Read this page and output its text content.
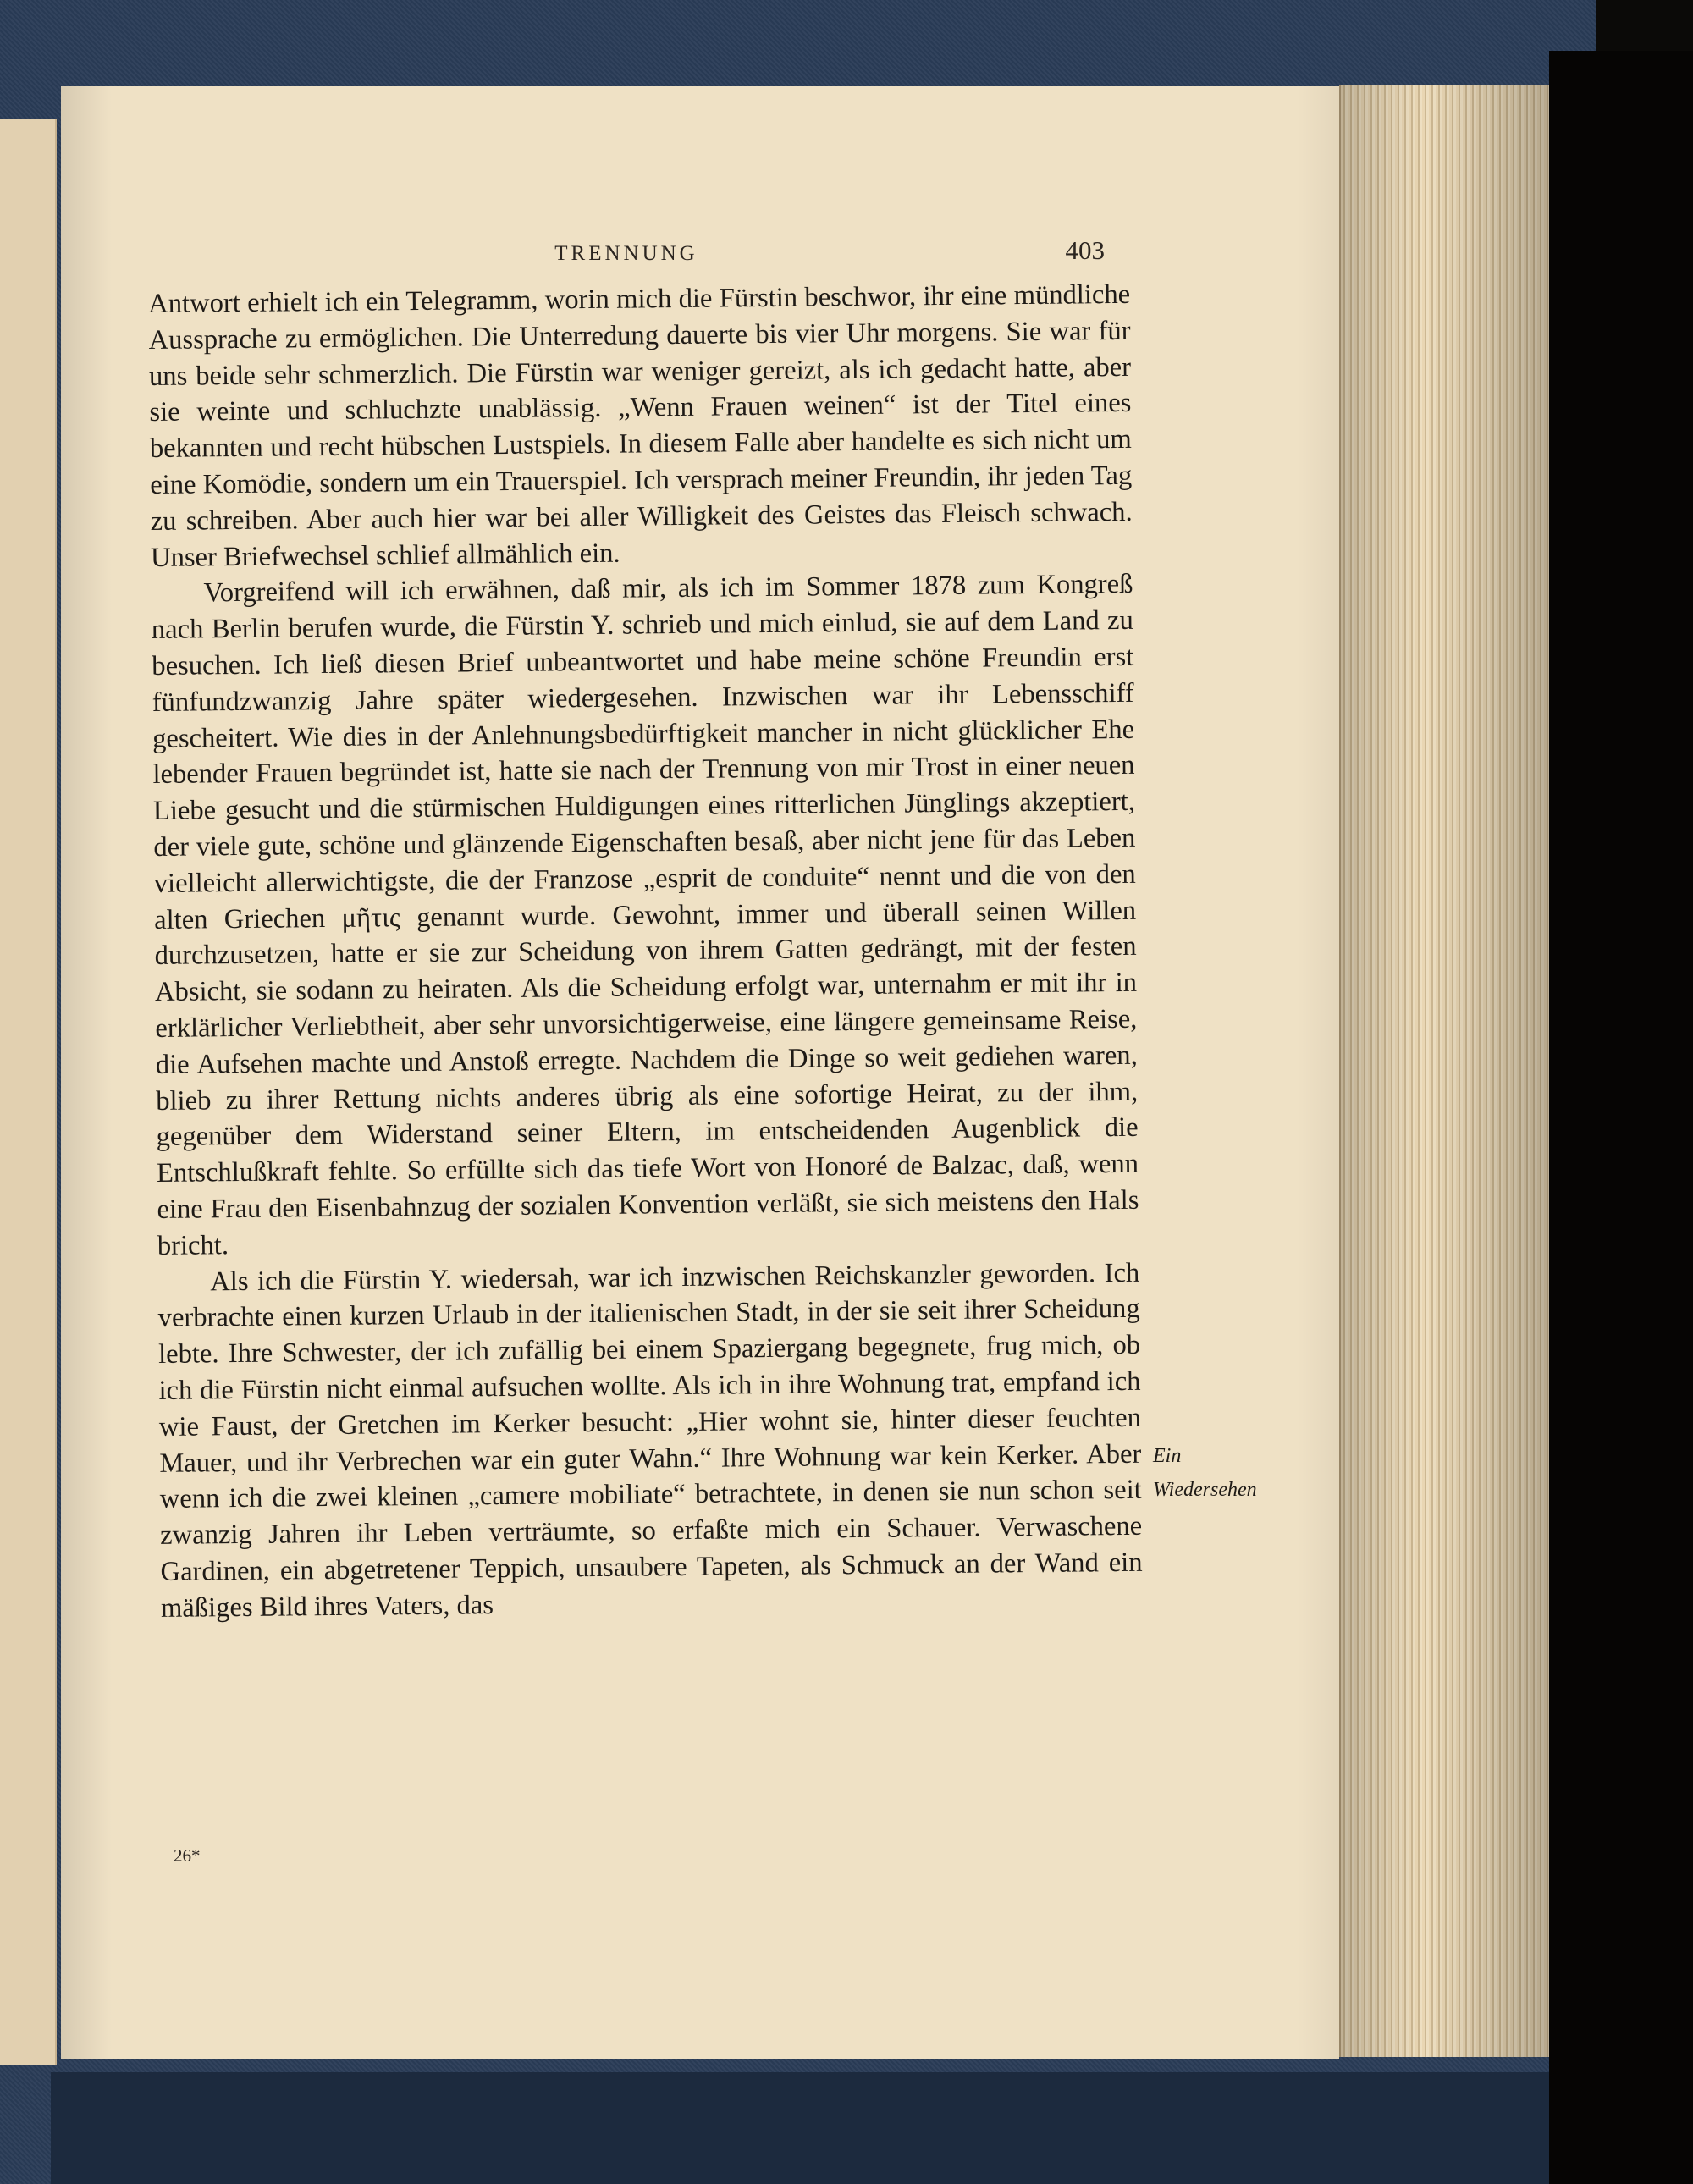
TRENNUNG	403

Antwort erhielt ich ein Telegramm, worin mich die Fürstin beschwor, ihr eine mündliche Aussprache zu ermöglichen. Die Unterredung dauerte bis vier Uhr morgens. Sie war für uns beide sehr schmerzlich. Die Fürstin war weniger gereizt, als ich gedacht hatte, aber sie weinte und schluchzte unablässig. „Wenn Frauen weinen“ ist der Titel eines bekannten und recht hübschen Lustspiels. In diesem Falle aber handelte es sich nicht um eine Komödie, sondern um ein Trauerspiel. Ich versprach meiner Freundin, ihr jeden Tag zu schreiben. Aber auch hier war bei aller Willigkeit des Geistes das Fleisch schwach. Unser Briefwechsel schlief allmählich ein.

Vorgreifend will ich erwähnen, daß mir, als ich im Sommer 1878 zum Kongreß nach Berlin berufen wurde, die Fürstin Y. schrieb und mich einlud, sie auf dem Land zu besuchen. Ich ließ diesen Brief unbeantwortet und habe meine schöne Freundin erst fünfundzwanzig Jahre später wiedergesehen. Inzwischen war ihr Lebensschiff gescheitert. Wie dies in der Anlehnungsbedürftigkeit mancher in nicht glücklicher Ehe lebender Frauen begründet ist, hatte sie nach der Trennung von mir Trost in einer neuen Liebe gesucht und die stürmischen Huldigungen eines ritterlichen Jünglings akzeptiert, der viele gute, schöne und glänzende Eigenschaften besaß, aber nicht jene für das Leben vielleicht allerwichtigste, die der Franzose „esprit de conduite“ nennt und die von den alten Griechen μῆτις genannt wurde. Gewohnt, immer und überall seinen Willen durchzusetzen, hatte er sie zur Scheidung von ihrem Gatten gedrängt, mit der festen Absicht, sie sodann zu heiraten. Als die Scheidung erfolgt war, unternahm er mit ihr in erklärlicher Verliebtheit, aber sehr unvorsichtigerweise, eine längere gemeinsame Reise, die Aufsehen machte und Anstoß erregte. Nachdem die Dinge so weit gediehen waren, blieb zu ihrer Rettung nichts anderes übrig als eine sofortige Heirat, zu der ihm, gegenüber dem Widerstand seiner Eltern, im entscheidenden Augenblick die Entschlußkraft fehlte. So erfüllte sich das tiefe Wort von Honoré de Balzac, daß, wenn eine Frau den Eisenbahnzug der sozialen Konvention verläßt, sie sich meistens den Hals bricht.

Als ich die Fürstin Y. wiedersah, war ich inzwischen Reichskanzler geworden. Ich verbrachte einen kurzen Urlaub in der italienischen Stadt, in der sie seit ihrer Scheidung lebte. Ihre Schwester, der ich zufällig bei einem Spaziergang begegnete, frug mich, ob ich die Fürstin nicht einmal aufsuchen wollte. Als ich in ihre Wohnung trat, empfand ich wie Faust, der Gretchen im Kerker besucht: „Hier wohnt sie, hinter dieser feuchten Mauer, und ihr Verbrechen war ein guter Wahn.“ Ihre Wohnung war kein Kerker. Aber wenn ich die zwei kleinen „camere mobiliate“ betrachtete, in denen sie nun schon seit zwanzig Jahren ihr Leben verträumte, so erfaßte mich ein Schauer. Verwaschene Gardinen, ein abgetretener Teppich, unsaubere Tapeten, als Schmuck an der Wand ein mäßiges Bild ihres Vaters, das

Ein
Wiedersehen
26*
